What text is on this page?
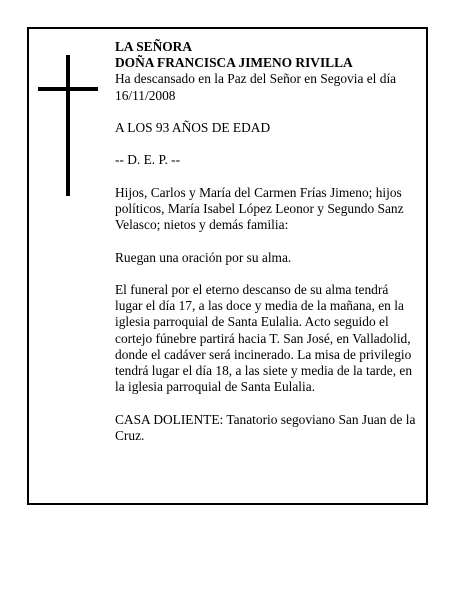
LA SEÑORA

DOÑA FRANCISCA JIMENO RIVILLA

Ha descansado en la Paz del Señor en Segovia el día 16/11/2008

A LOS 93 AÑOS DE EDAD

-- D. E. P. --

Hijos, Carlos y María del Carmen Frías Jimeno; hijos políticos, María Isabel López Leonor y Segundo Sanz Velasco; nietos y demás familia:

Ruegan una oración por su alma.

El funeral por el eterno descanso de su alma tendrá lugar el día 17, a las doce y media de la mañana, en la iglesia parroquial de Santa Eulalia. Acto seguido el cortejo fúnebre partirá hacia T. San José, en Valladolid, donde el cadáver será incinerado. La misa de privilegio tendrá lugar el día 18, a las siete y media de la tarde, en la iglesia parroquial de Santa Eulalia.

CASA DOLIENTE: Tanatorio segoviano San Juan de la Cruz.
